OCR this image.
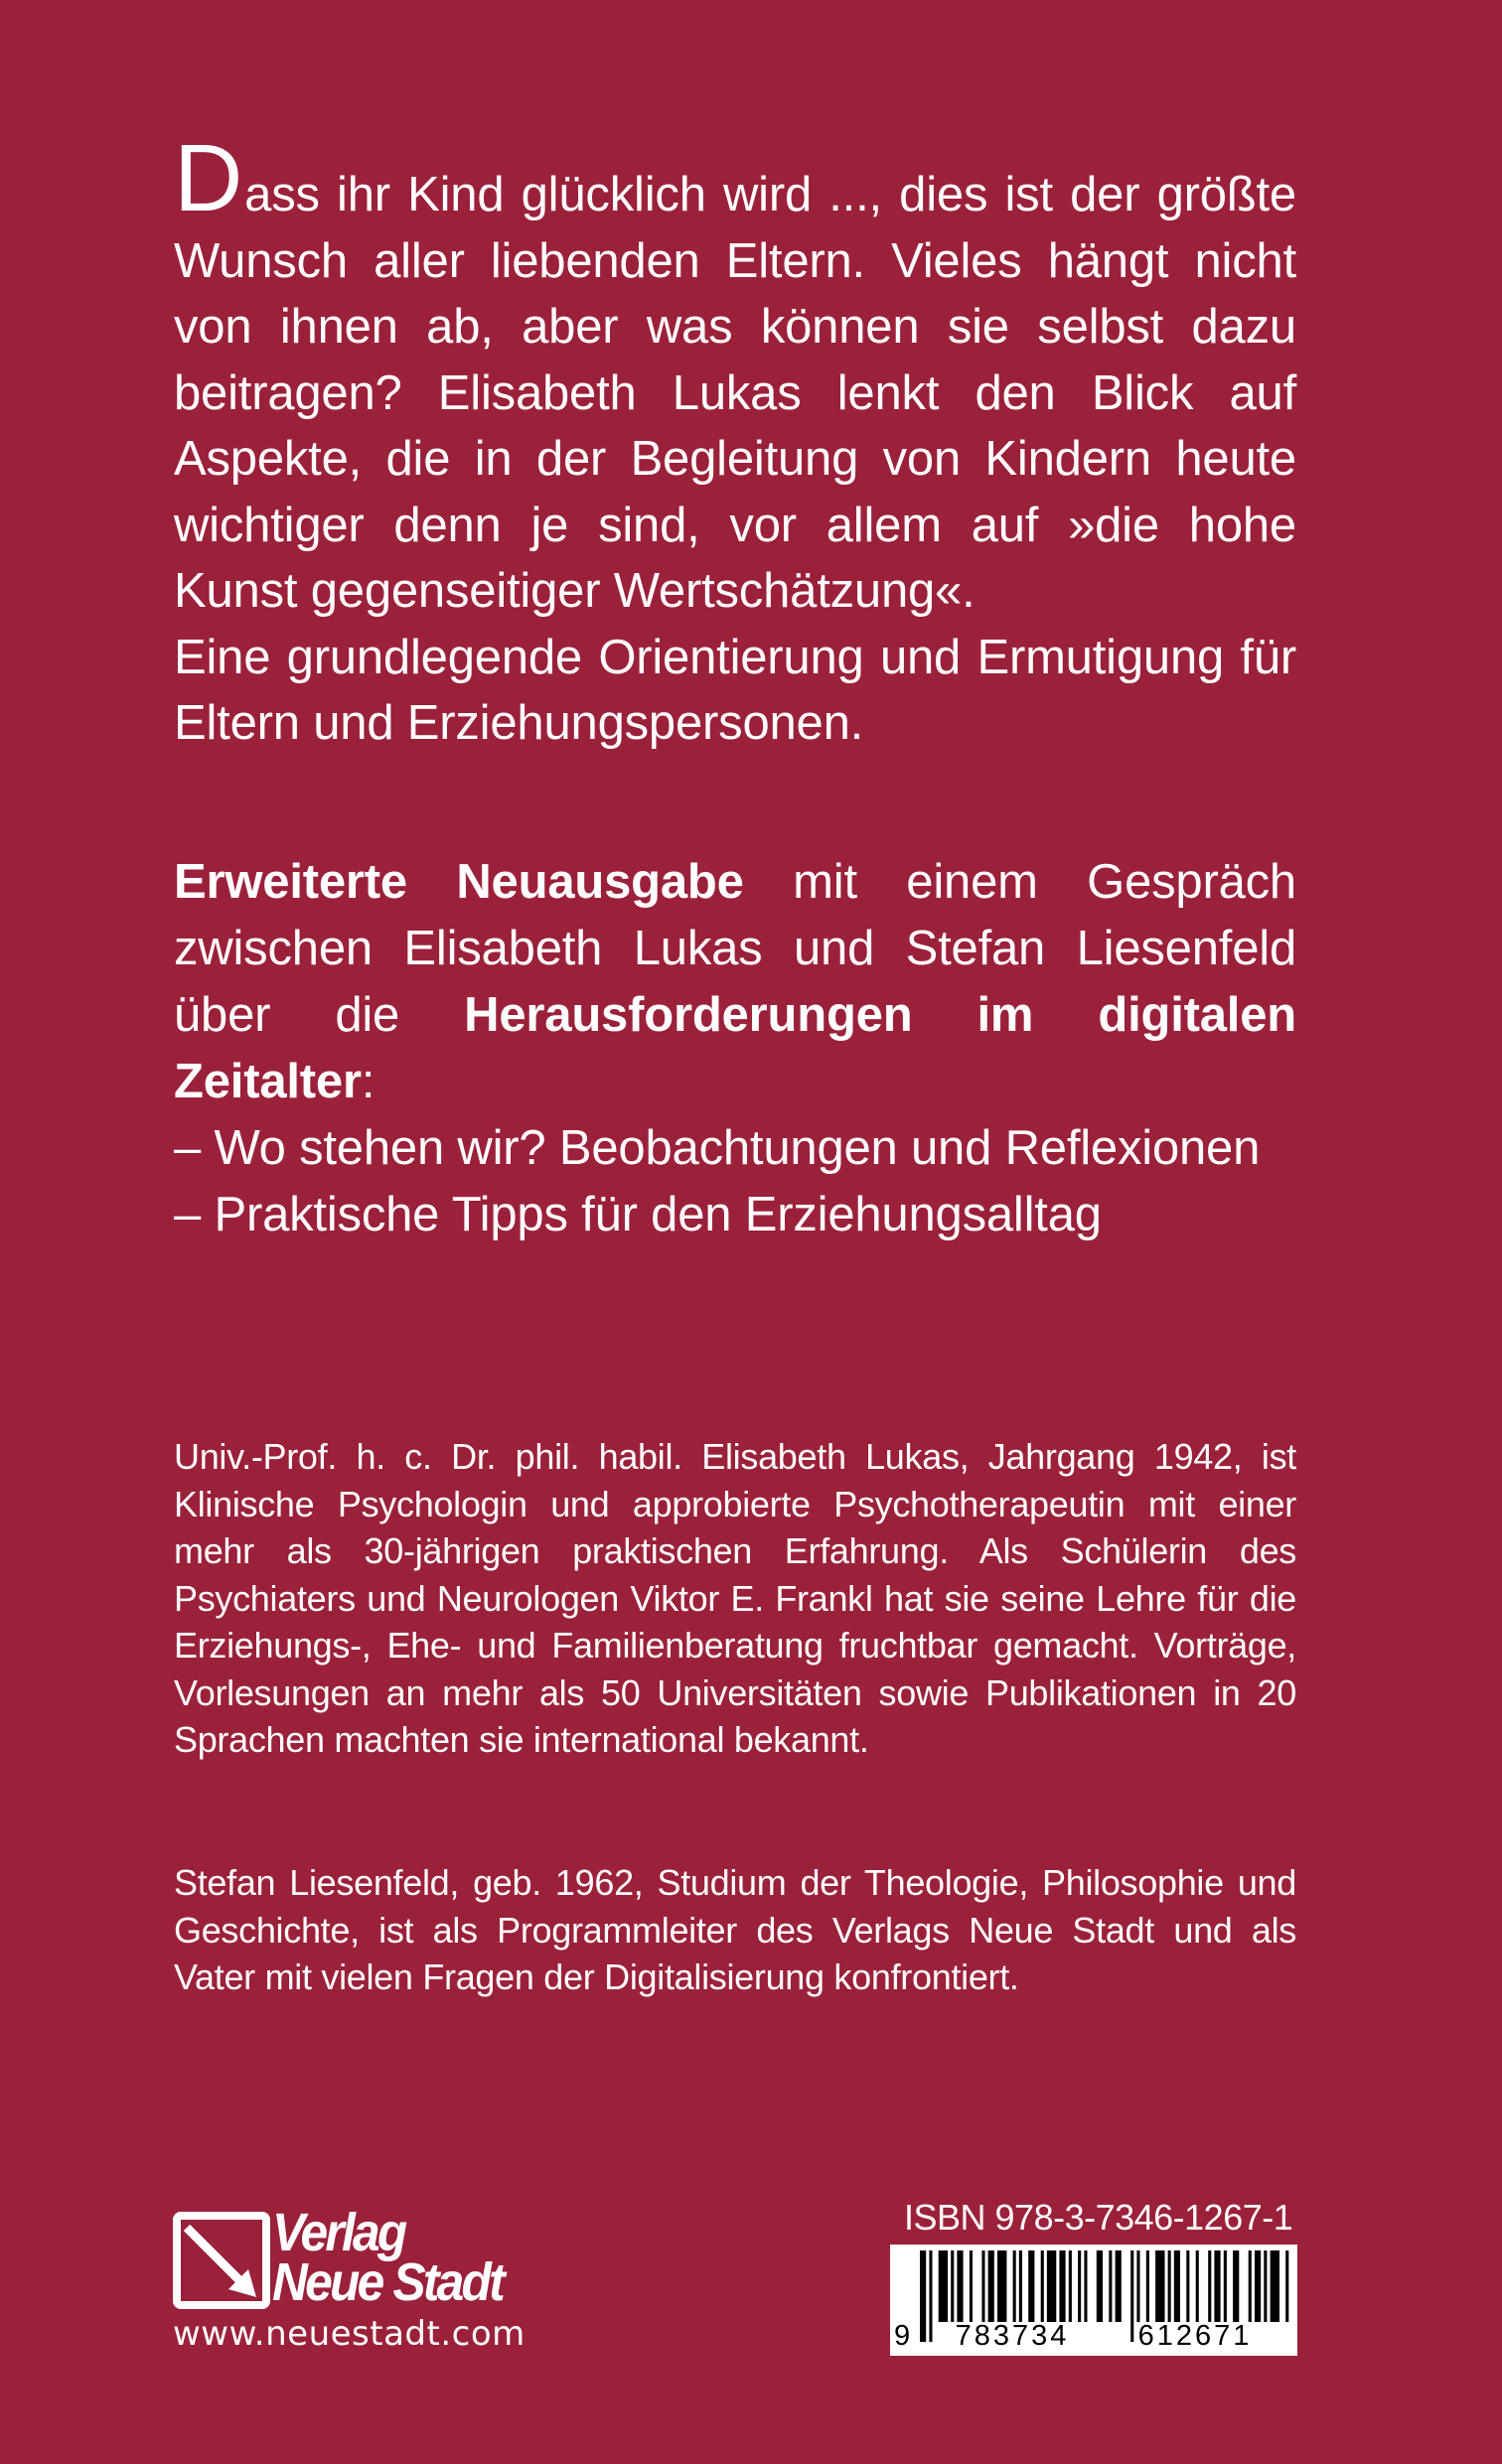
Dass ihr Kind glücklich wird ..., dies ist der größte Wunsch aller liebenden Eltern. Vieles hängt nicht von ihnen ab, aber was können sie selbst dazu beitragen? Elisabeth Lukas lenkt den Blick auf Aspekte, die in der Begleitung von Kindern heute wichtiger denn je sind, vor allem auf »die hohe Kunst gegenseitiger Wertschätzung«.

Eine grundlegende Orientierung und Ermutigung für Eltern und Erziehungspersonen.

Erweiterte Neuausgabe mit einem Gespräch zwischen Elisabeth Lukas und Stefan Liesenfeld über die Herausforderungen im digitalen Zeitalter:

– Wo stehen wir? Beobachtungen und Reflexionen
– Praktische Tipps für den Erziehungsalltag

Univ.-Prof. h. c. Dr. phil. habil. Elisabeth Lukas, Jahrgang 1942, ist Klinische Psychologin und approbierte Psychotherapeutin mit einer mehr als 30-jährigen praktischen Erfahrung. Als Schülerin des Psychiaters und Neurologen Viktor E. Frankl hat sie seine Lehre für die Erziehungs-, Ehe- und Familienberatung fruchtbar gemacht. Vorträge, Vorlesungen an mehr als 50 Universitäten sowie Publikationen in 20 Sprachen machten sie international bekannt.

Stefan Liesenfeld, geb. 1962, Studium der Theologie, Philosophie und Geschichte, ist als Programmleiter des Verlags Neue Stadt und als Vater mit vielen Fragen der Digitalisierung konfrontiert.

Verlag
Neue Stadt
www.neuestadt.com
ISBN 978-3-7346-1267-1
9	783734	612671
